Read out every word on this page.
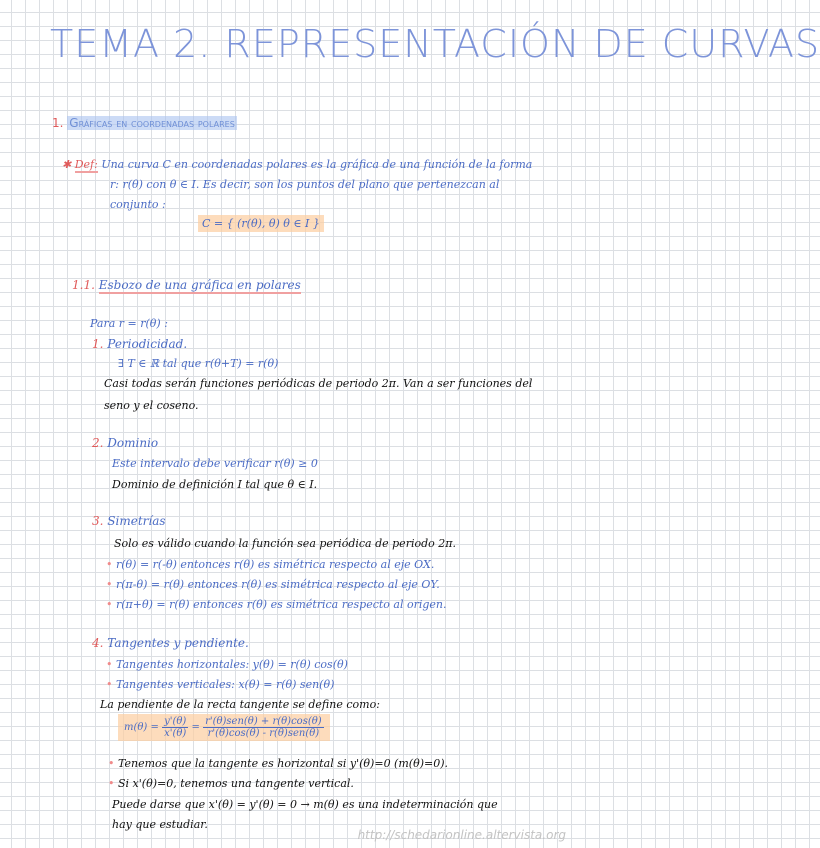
TEMA 2. REPRESENTACIÓN DE CURVAS
1. Gráficas en coordenadas polares
✱ Def: Una curva C en coordenadas polares es la gráfica de una función de la forma
r: r(θ) con θ ∈ I. Es decir, son los puntos del plano que pertenezcan al
conjunto :
C = { (r(θ), θ) θ ∈ I }
1.1. Esbozo de una gráfica en polares
Para r = r(θ) :
1. Periodicidad.
∃ T ∈ ℝ tal que r(θ+T) = r(θ)
Casi todas serán funciones periódicas de periodo 2π. Van a ser funciones del
seno y el coseno.
2. Dominio
Este intervalo debe verificar r(θ) ≥ 0
Dominio de definición I tal que θ ∈ I.
3. Simetrías
Solo es válido cuando la función sea periódica de periodo 2π.
• r(θ) = r(-θ) entonces r(θ) es simétrica respecto al eje OX.
• r(π-θ) = r(θ) entonces r(θ) es simétrica respecto al eje OY.
• r(π+θ) = r(θ) entonces r(θ) es simétrica respecto al origen.
4. Tangentes y pendiente.
• Tangentes horizontales: y(θ) = r(θ) cos(θ)
• Tangentes verticales: x(θ) = r(θ) sen(θ)
La pendiente de la recta tangente se define como:
$m(\theta) = \frac{y'(\theta)}{x'(\theta)} = \frac{\text{r'(θ)sen(θ) + r(θ)cos(θ)}}{\text{r'(θ)cos(θ) - r(θ)sen(θ)}}$
• Tenemos que la tangente es horizontal si y'(θ)=0 (m(θ)=0).
• Si x'(θ)=0, tenemos una tangente vertical.
Puede darse que x'(θ) = y'(θ) = 0 → m(θ) es una indeterminación que
hay que estudiar.
http://schedarionline.altervista.org
